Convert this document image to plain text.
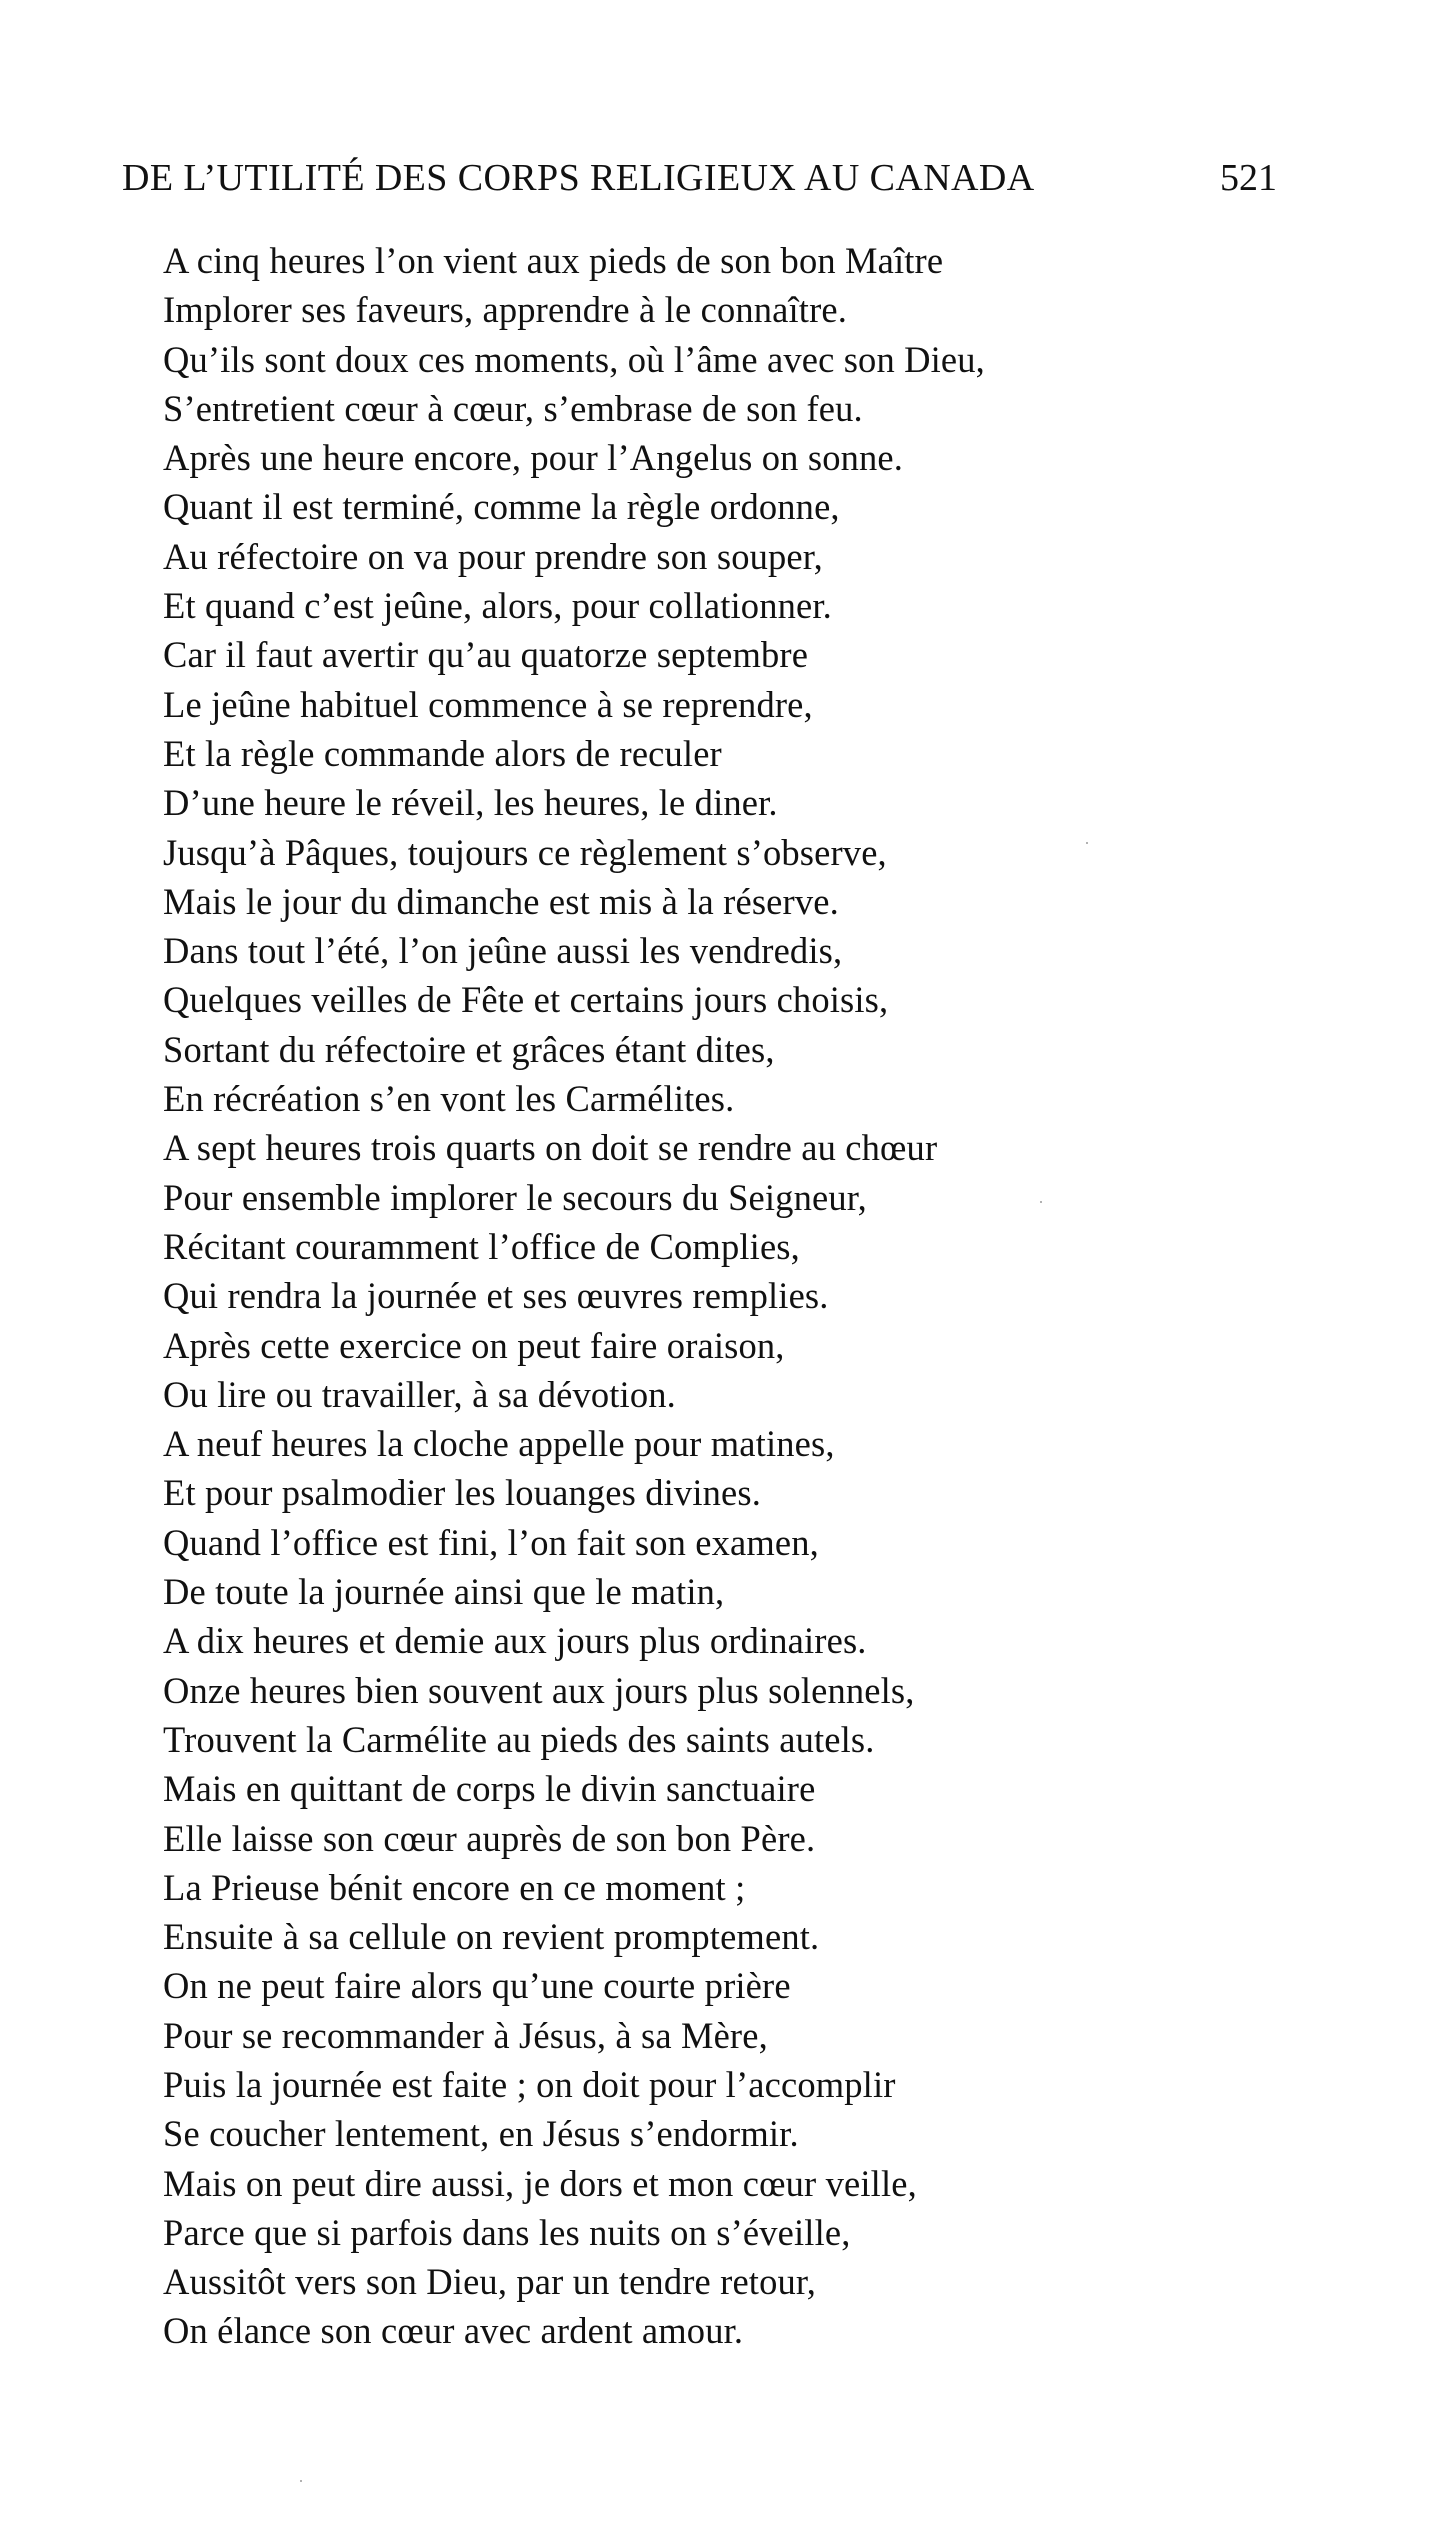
DE L’UTILITÉ DES CORPS RELIGIEUX AU CANADA	521
A cinq heures l’on vient aux pieds de son bon Maître
Implorer ses faveurs, apprendre à le connaître.
Qu’ils sont doux ces moments, où l’âme avec son Dieu,
S’entretient cœur à cœur, s’embrase de son feu.
Après une heure encore, pour l’Angelus on sonne.
Quant il est terminé, comme la règle ordonne,
Au réfectoire on va pour prendre son souper,
Et quand c’est jeûne, alors, pour collationner.
Car il faut avertir qu’au quatorze septembre
Le jeûne habituel commence à se reprendre,
Et la règle commande alors de reculer
D’une heure le réveil, les heures, le diner.
Jusqu’à Pâques, toujours ce règlement s’observe,
Mais le jour du dimanche est mis à la réserve.
Dans tout l’été, l’on jeûne aussi les vendredis,
Quelques veilles de Fête et certains jours choisis,
Sortant du réfectoire et grâces étant dites,
En récréation s’en vont les Carmélites.
A sept heures trois quarts on doit se rendre au chœur
Pour ensemble implorer le secours du Seigneur,
Récitant couramment l’office de Complies,
Qui rendra la journée et ses œuvres remplies.
Après cette exercice on peut faire oraison,
Ou lire ou travailler, à sa dévotion.
A neuf heures la cloche appelle pour matines,
Et pour psalmodier les louanges divines.
Quand l’office est fini, l’on fait son examen,
De toute la journée ainsi que le matin,
A dix heures et demie aux jours plus ordinaires.
Onze heures bien souvent aux jours plus solennels,
Trouvent la Carmélite au pieds des saints autels.
Mais en quittant de corps le divin sanctuaire
Elle laisse son cœur auprès de son bon Père.
La Prieuse bénit encore en ce moment ;
Ensuite à sa cellule on revient promptement.
On ne peut faire alors qu’une courte prière
Pour se recommander à Jésus, à sa Mère,
Puis la journée est faite ; on doit pour l’accomplir
Se coucher lentement, en Jésus s’endormir.
Mais on peut dire aussi, je dors et mon cœur veille,
Parce que si parfois dans les nuits on s’éveille,
Aussitôt vers son Dieu, par un tendre retour,
On élance son cœur avec ardent amour.
